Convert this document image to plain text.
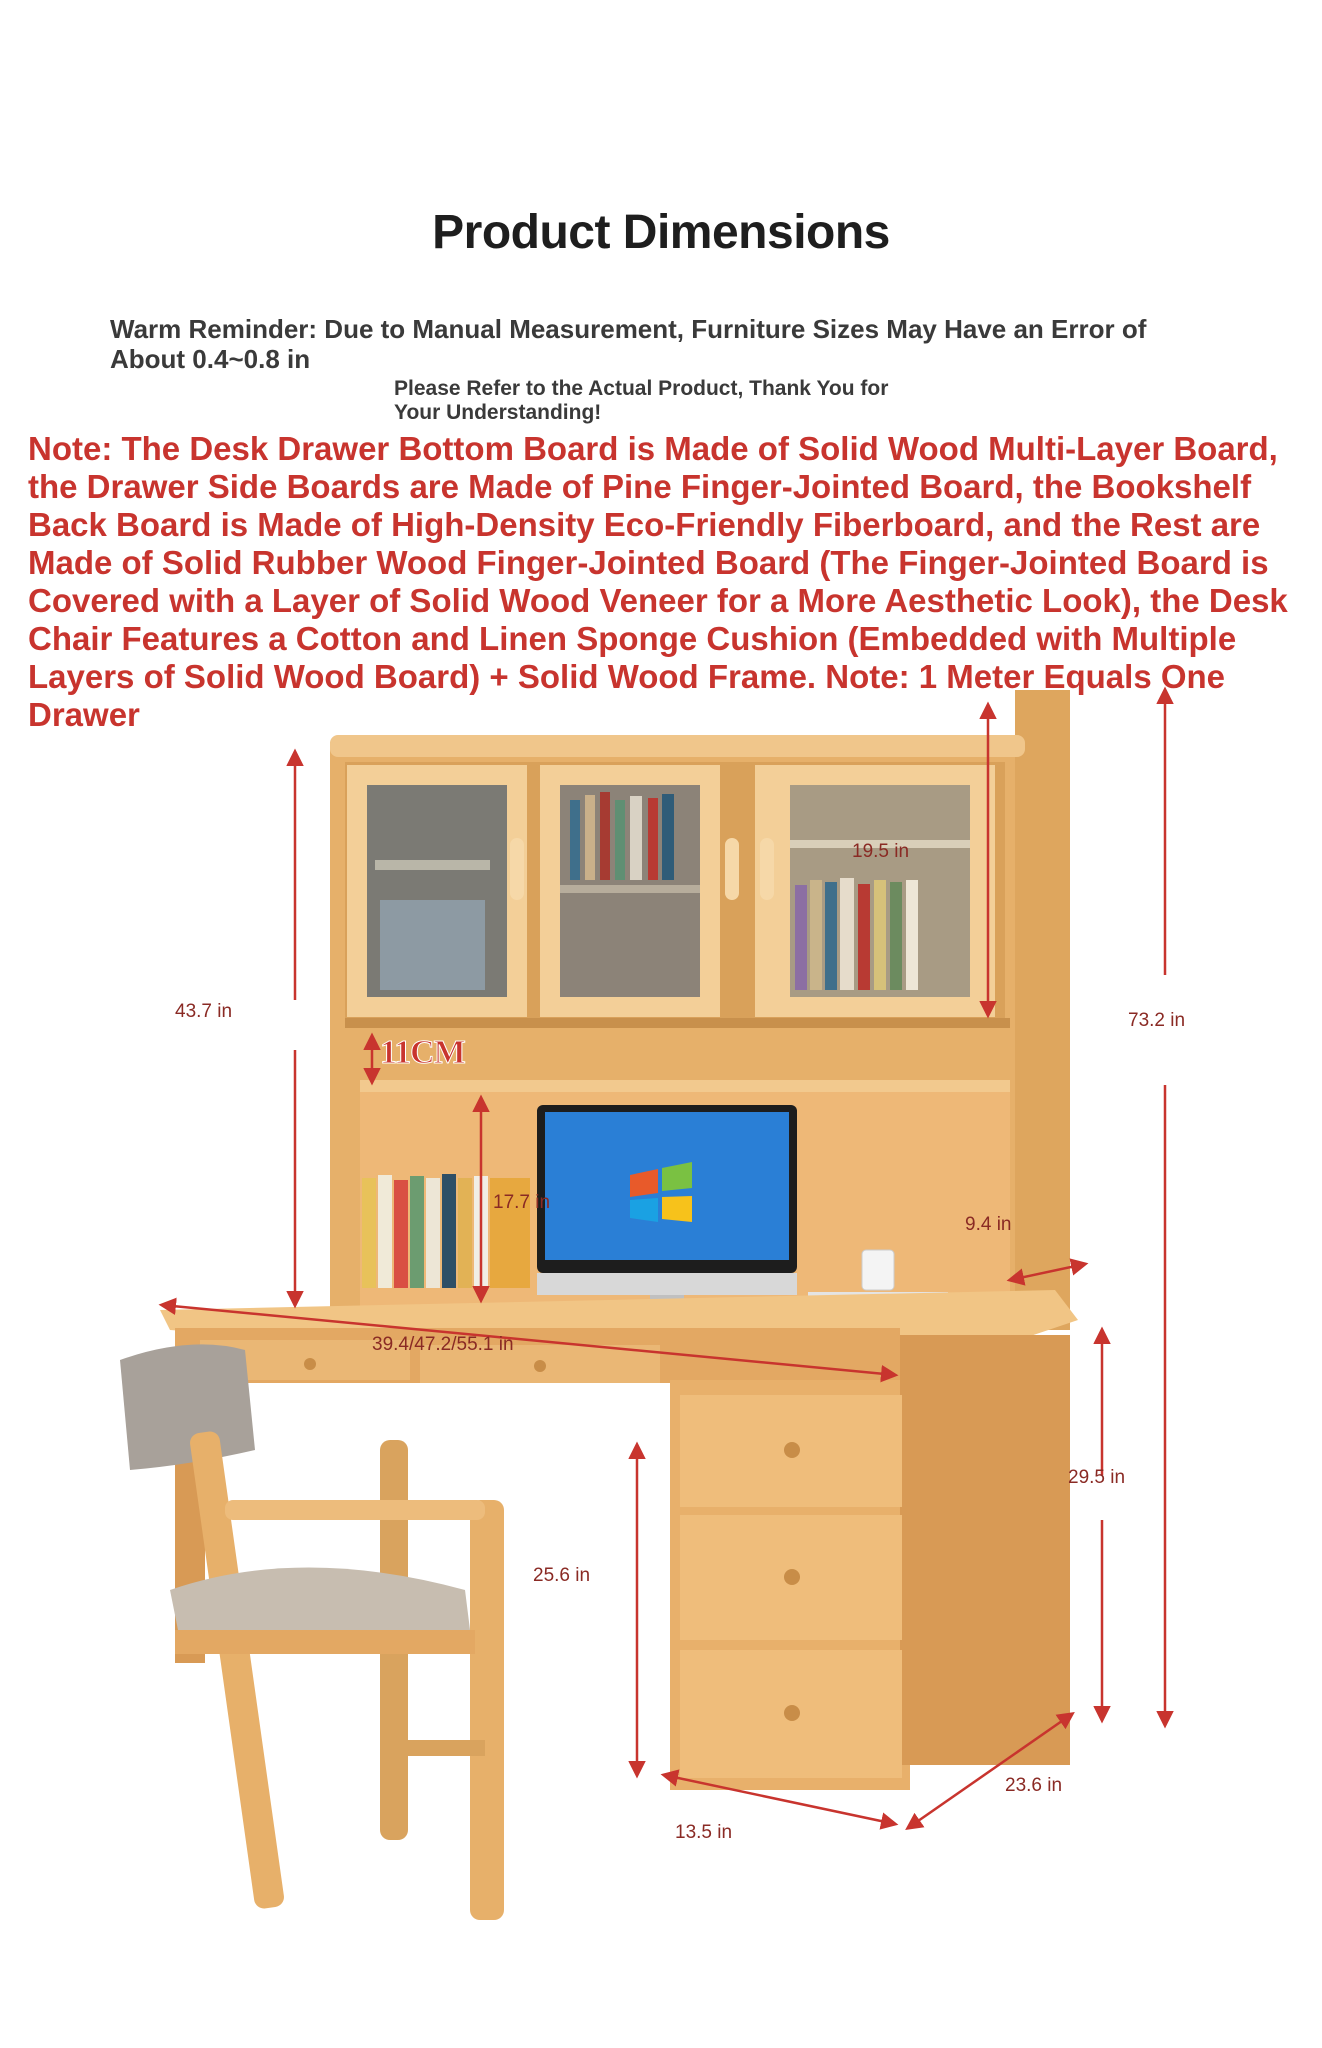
Product Dimensions
Warm Reminder: Due to Manual Measurement, Furniture Sizes May Have an Error of About 0.4~0.8 in
Please Refer to the Actual Product, Thank You for Your Understanding!
Note: The Desk Drawer Bottom Board is Made of Solid Wood Multi-Layer Board, the Drawer Side Boards are Made of Pine Finger-Jointed Board, the Bookshelf Back Board is Made of High-Density Eco-Friendly Fiberboard, and the Rest are Made of Solid Rubber Wood Finger-Jointed Board (The Finger-Jointed Board is Covered with a Layer of Solid Wood Veneer for a More Aesthetic Look), the Desk Chair Features a Cotton and Linen Sponge Cushion (Embedded with Multiple Layers of Solid Wood Board) + Solid Wood Frame. Note: 1 Meter Equals One Drawer
43.7 in
19.5 in
73.2 in
11CM
17.7 in
9.4 in
39.4/47.2/55.1 in
29.5 in
25.6 in
23.6 in
13.5 in
